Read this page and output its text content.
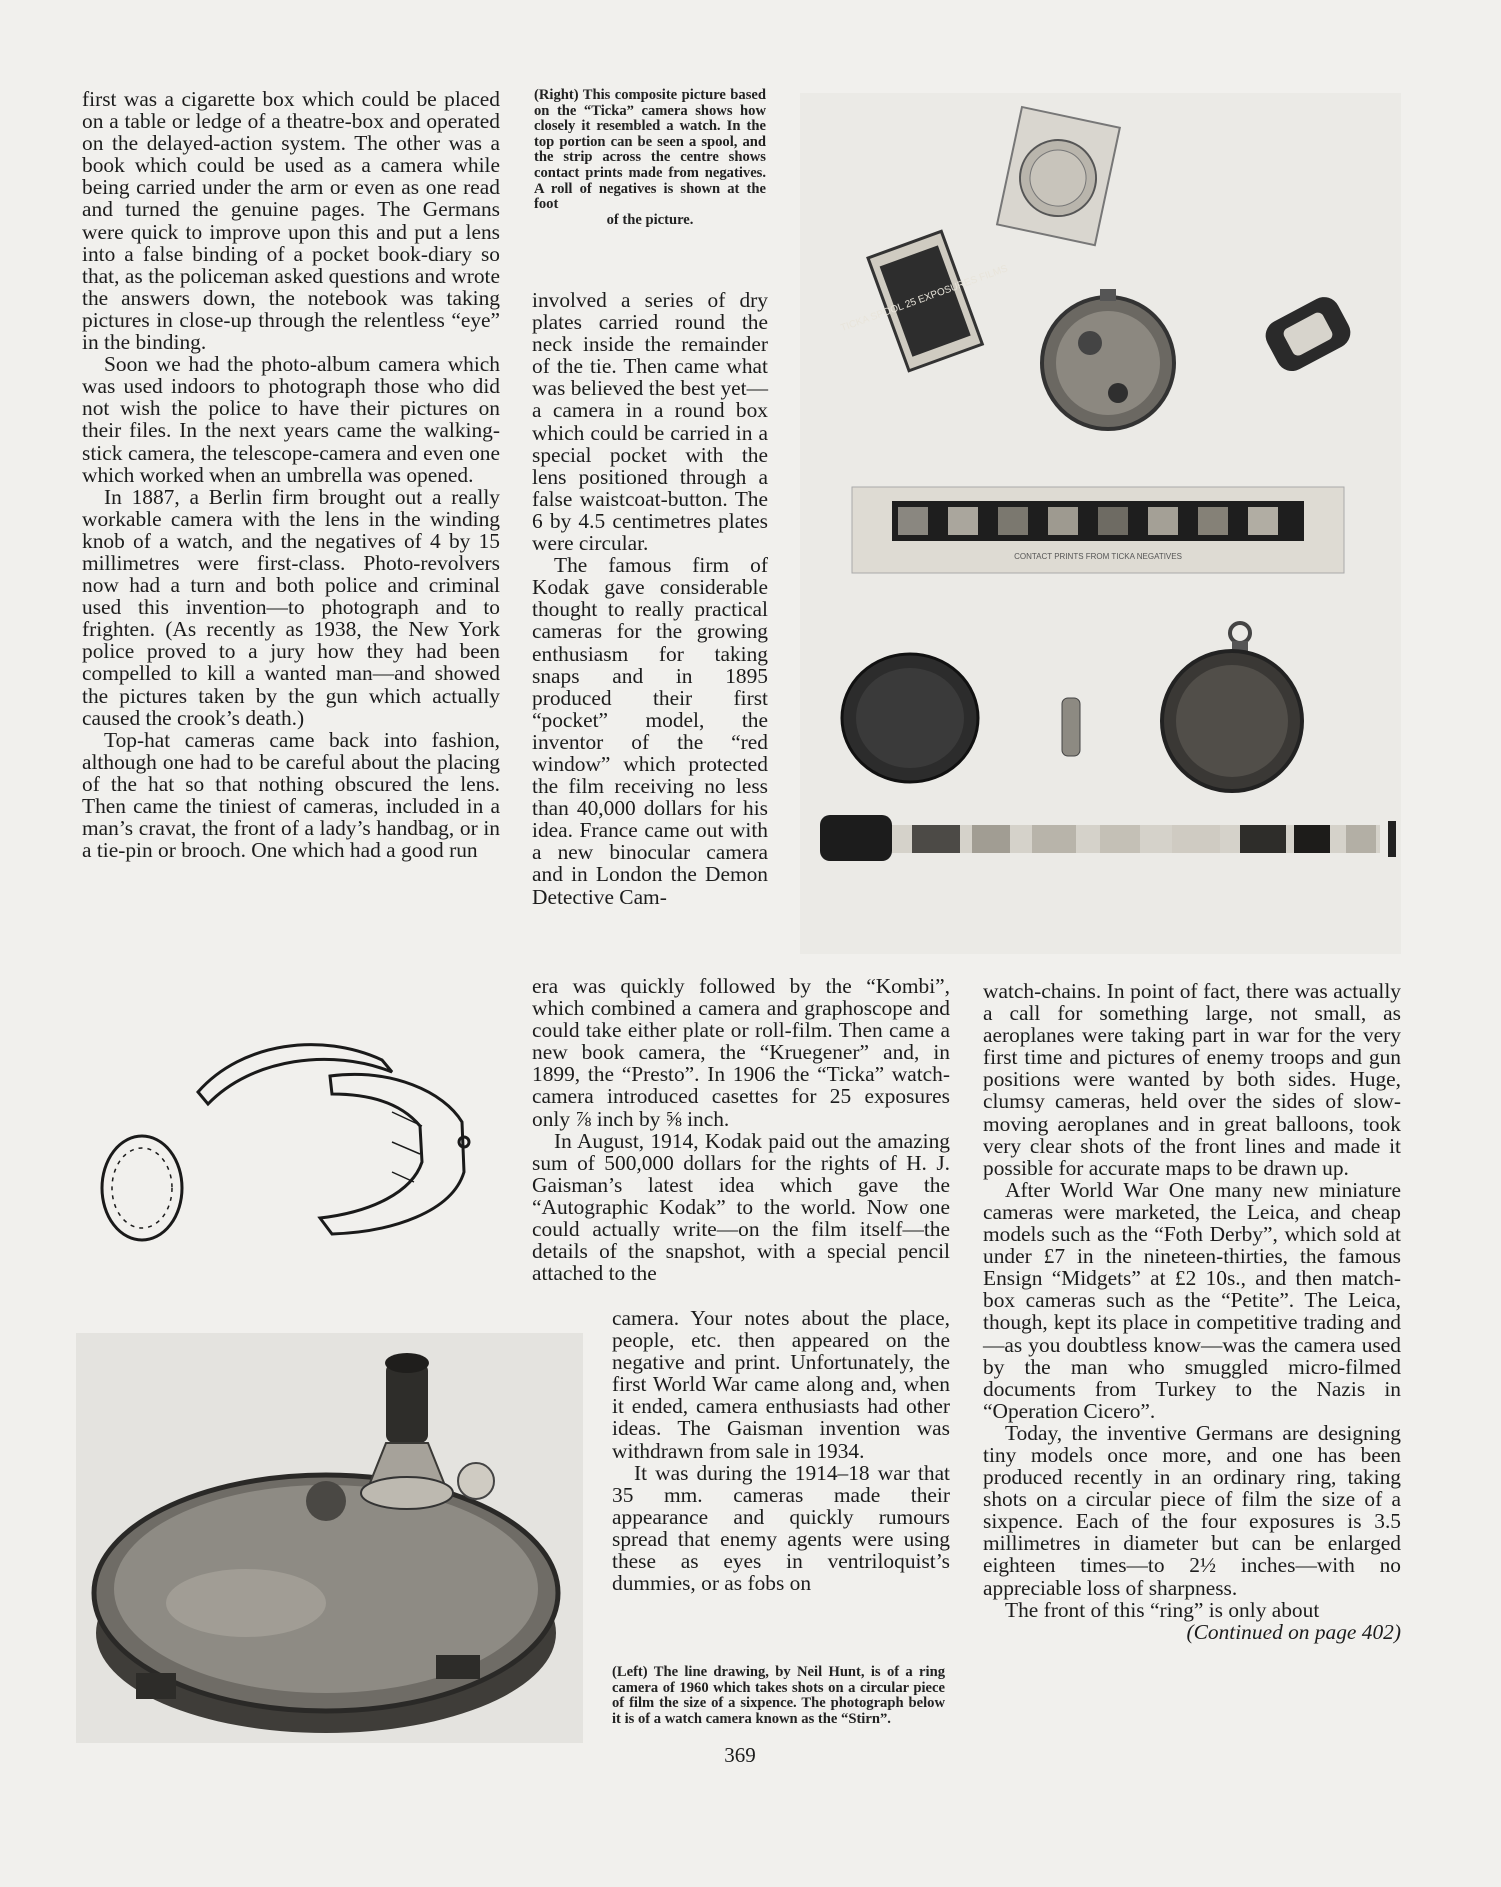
first was a cigarette box which could be placed on a table or ledge of a theatre-box and operated on the delayed-action system. The other was a book which could be used as a camera while being carried under the arm or even as one read and turned the genuine pages. The Germans were quick to improve upon this and put a lens into a false binding of a pocket book-diary so that, as the policeman asked questions and wrote the answers down, the notebook was taking pictures in close-up through the relentless “eye” in the binding.

Soon we had the photo-album camera which was used indoors to photograph those who did not wish the police to have their pictures on their files. In the next years came the walking-stick camera, the telescope-camera and even one which worked when an umbrella was opened.

In 1887, a Berlin firm brought out a really workable camera with the lens in the winding knob of a watch, and the negatives of 4 by 15 millimetres were first-class. Photo-revolvers now had a turn and both police and criminal used this invention—to photograph and to frighten. (As recently as 1938, the New York police proved to a jury how they had been compelled to kill a wanted man—and showed the pictures taken by the gun which actually caused the crook’s death.)

Top-hat cameras came back into fashion, although one had to be careful about the placing of the hat so that nothing obscured the lens. Then came the tiniest of cameras, included in a man’s cravat, the front of a lady’s handbag, or in a tie-pin or brooch. One which had a good run

(Right) This composite picture based on the “Ticka” camera shows how closely it resembled a watch. In the top portion can be seen a spool, and the strip across the centre shows contact prints made from negatives. A roll of negatives is shown at the foot
of the picture.

involved a series of dry plates carried round the neck inside the remainder of the tie. Then came what was believed the best yet—a camera in a round box which could be carried in a special pocket with the lens positioned through a false waistcoat-button. The 6 by 4.5 centimetres plates were circular.

The famous firm of Kodak gave considerable thought to really practical cameras for the growing enthusiasm for taking snaps and in 1895 produced their first “pocket” model, the inventor of the “red window” which protected the film receiving no less than 40,000 dollars for his idea. France came out with a new binocular camera and in London the Demon Detective Cam-

TICKA SPOOL 25 EXPOSURES FILMS
CONTACT PRINTS FROM TICKA NEGATIVES

era was quickly followed by the “Kombi”, which combined a camera and graphoscope and could take either plate or roll-film. Then came a new book camera, the “Kruegener” and, in 1899, the “Presto”. In 1906 the “Ticka” watch-camera introduced casettes for 25 exposures only ⅞ inch by ⅝ inch.

In August, 1914, Kodak paid out the amazing sum of 500,000 dollars for the rights of H. J. Gaisman’s latest idea which gave the “Autographic Kodak” to the world. Now one could actually write—on the film itself—the details of the snapshot, with a special pencil attached to the

camera. Your notes about the place, people, etc. then appeared on the negative and print. Unfortunately, the first World War came along and, when it ended, camera enthusiasts had other ideas. The Gaisman invention was withdrawn from sale in 1934.

It was during the 1914–18 war that 35 mm. cameras made their appearance and quickly rumours spread that enemy agents were using these as eyes in ventriloquist’s dummies, or as fobs on

(Left) The line drawing, by Neil Hunt, is of a ring camera of 1960 which takes shots on a circular piece of film the size of a sixpence. The photograph below it is of a watch camera known as the “Stirn”.

watch-chains. In point of fact, there was actually a call for something large, not small, as aeroplanes were taking part in war for the very first time and pictures of enemy troops and gun positions were wanted by both sides. Huge, clumsy cameras, held over the sides of slow-moving aeroplanes and in great balloons, took very clear shots of the front lines and made it possible for accurate maps to be drawn up.

After World War One many new miniature cameras were marketed, the Leica, and cheap models such as the “Foth Derby”, which sold at under £7 in the nineteen-thirties, the famous Ensign “Midgets” at £2 10s., and then match-box cameras such as the “Petite”. The Leica, though, kept its place in competitive trading and—as you doubtless know—was the camera used by the man who smuggled micro-filmed documents from Turkey to the Nazis in “Operation Cicero”.

Today, the inventive Germans are designing tiny models once more, and one has been produced recently in an ordinary ring, taking shots on a circular piece of film the size of a sixpence. Each of the four exposures is 3.5 millimetres in diameter but can be enlarged eighteen times—to 2½ inches—with no appreciable loss of sharpness.

The front of this “ring” is only about

(Continued on page 402)
369
